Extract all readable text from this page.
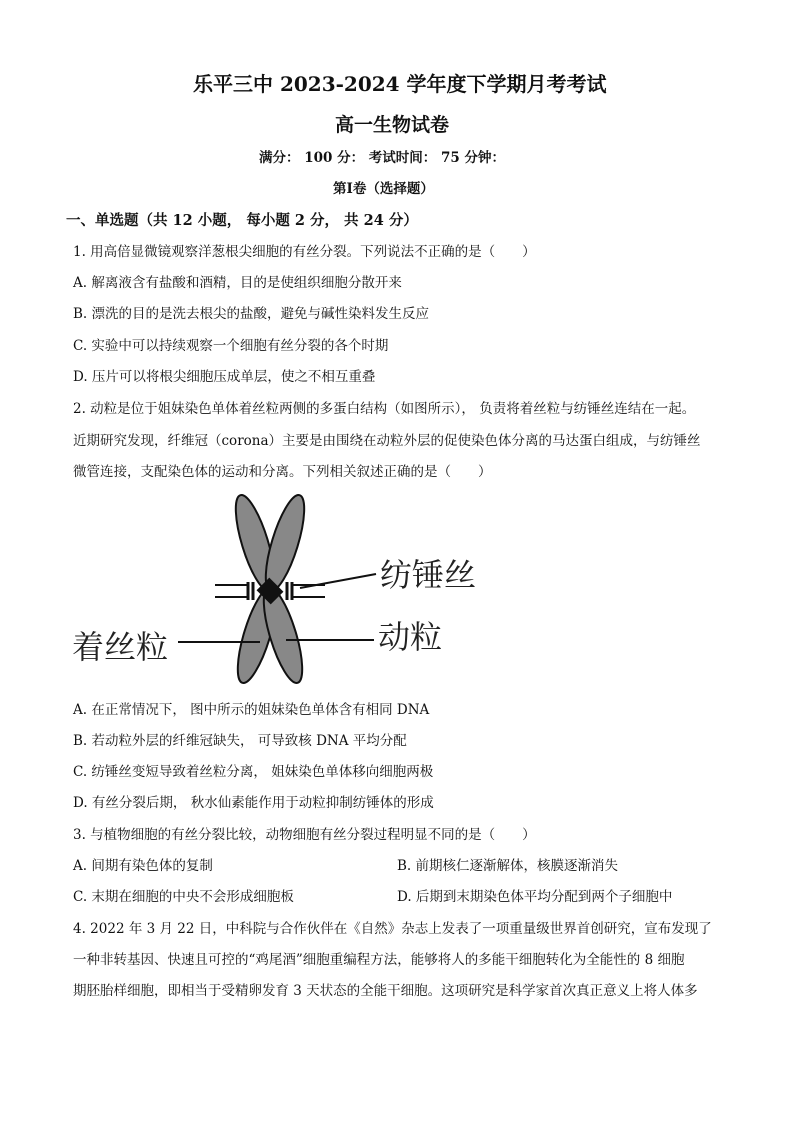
乐平三中 2023-2024 学年度下学期月考考试
高一生物试卷
满分： 100 分： 考试时间： 75 分钟：
第Ⅰ卷（选择题）
一、单选题（共 12 小题， 每小题 2 分， 共 24 分）
1. 用高倍显微镜观察洋葱根尖细胞的有丝分裂。下列说法不正确的是（　　）
A. 解离液含有盐酸和酒精，目的是使组织细胞分散开来
B. 漂洗的目的是洗去根尖的盐酸，避免与碱性染料发生反应
C. 实验中可以持续观察一个细胞有丝分裂的各个时期
D. 压片可以将根尖细胞压成单层，使之不相互重叠
2. 动粒是位于姐妹染色单体着丝粒两侧的多蛋白结构（如图所示）， 负责将着丝粒与纺锤丝连结在一起。
近期研究发现，纤维冠（corona）主要是由围绕在动粒外层的促使染色体分离的马达蛋白组成，与纺锤丝
微管连接，支配染色体的运动和分离。下列相关叙述正确的是（　　）
纺锤丝
动粒
着丝粒
A. 在正常情况下， 图中所示的姐妹染色单体含有相同 DNA
B. 若动粒外层的纤维冠缺失， 可导致核 DNA 平均分配
C. 纺锤丝变短导致着丝粒分离， 姐妹染色单体移向细胞两极
D. 有丝分裂后期， 秋水仙素能作用于动粒抑制纺锤体的形成
3. 与植物细胞的有丝分裂比较，动物细胞有丝分裂过程明显不同的是（　　）
A. 间期有染色体的复制	B. 前期核仁逐渐解体，核膜逐渐消失
C. 末期在细胞的中央不会形成细胞板	D. 后期到末期染色体平均分配到两个子细胞中
4. 2022 年 3 月 22 日，中科院与合作伙伴在《自然》杂志上发表了一项重量级世界首创研究，宣布发现了
一种非转基因、快速且可控的“鸡尾酒”细胞重编程方法，能够将人的多能干细胞转化为全能性的 8 细胞
期胚胎样细胞，即相当于受精卵发育 3 天状态的全能干细胞。这项研究是科学家首次真正意义上将人体多
